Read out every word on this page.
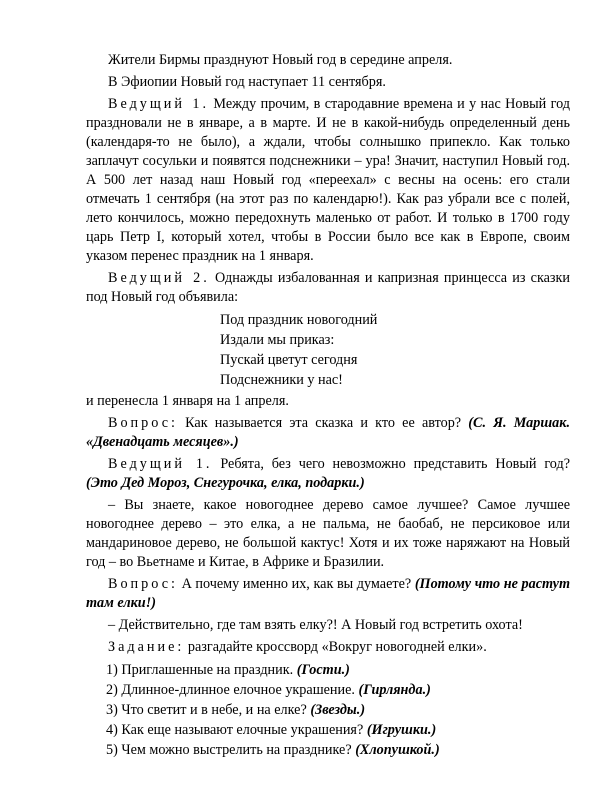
Жители Бирмы празднуют Новый год в середине апреля.

В Эфиопии Новый год наступает 11 сентября.

Ведущий 1. Между прочим, в стародавние времена и у нас Новый год праздновали не в январе, а в марте. И не в какой-нибудь определенный день (календаря-то не было), а ждали, чтобы солнышко припекло. Как только заплачут сосульки и появятся подснежники – ура! Значит, наступил Новый год. А 500 лет назад наш Новый год «переехал» с весны на осень: его стали отмечать 1 сентября (на этот раз по календарю!). Как раз убрали все с полей, лето кончилось, можно передохнуть маленько от работ. И только в 1700 году царь Петр I, который хотел, чтобы в России было все как в Европе, своим указом перенес праздник на 1 января.

Ведущий 2. Однажды избалованная и капризная принцесса из сказки под Новый год объявила:

Под праздник новогодний
Издали мы приказ:
Пускай цветут сегодня
Подснежники у нас!

и перенесла 1 января на 1 апреля.

Вопрос: Как называется эта сказка и кто ее автор? (С. Я. Маршак. «Двенадцать месяцев».)

Ведущий 1. Ребята, без чего невозможно представить Новый год? (Это Дед Мороз, Снегурочка, елка, подарки.)

– Вы знаете, какое новогоднее дерево самое лучшее? Самое лучшее новогоднее дерево – это елка, а не пальма, не баобаб, не персиковое или мандариновое дерево, не большой кактус! Хотя и их тоже наряжают на Новый год – во Вьетнаме и Китае, в Африке и Бразилии.

Вопрос: А почему именно их, как вы думаете? (Потому что не растут там елки!)

– Действительно, где там взять елку?! А Новый год встретить охота!

Задание: разгадайте кроссворд «Вокруг новогодней елки».

1) Приглашенные на праздник. (Гости.)
2) Длинное-длинное елочное украшение. (Гирлянда.)
3) Что светит и в небе, и на елке? (Звезды.)
4) Как еще называют елочные украшения? (Игрушки.)
5) Чем можно выстрелить на празднике? (Хлопушкой.)
